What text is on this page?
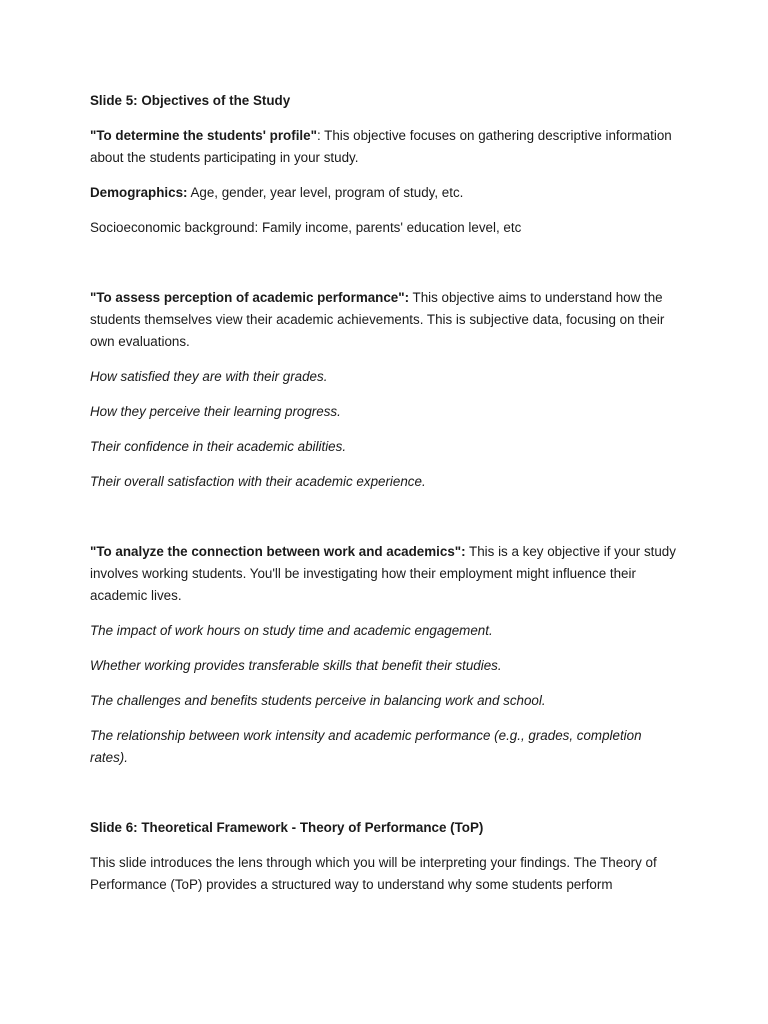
Slide 5: Objectives of the Study
"To determine the students' profile": This objective focuses on gathering descriptive information about the students participating in your study.
Demographics: Age, gender, year level, program of study, etc.
Socioeconomic background: Family income, parents' education level, etc
"To assess perception of academic performance": This objective aims to understand how the students themselves view their academic achievements. This is subjective data, focusing on their own evaluations.
How satisfied they are with their grades.
How they perceive their learning progress.
Their confidence in their academic abilities.
Their overall satisfaction with their academic experience.
"To analyze the connection between work and academics": This is a key objective if your study involves working students. You'll be investigating how their employment might influence their academic lives.
The impact of work hours on study time and academic engagement.
Whether working provides transferable skills that benefit their studies.
The challenges and benefits students perceive in balancing work and school.
The relationship between work intensity and academic performance (e.g., grades, completion rates).
Slide 6: Theoretical Framework - Theory of Performance (ToP)
This slide introduces the lens through which you will be interpreting your findings. The Theory of Performance (ToP) provides a structured way to understand why some students perform
